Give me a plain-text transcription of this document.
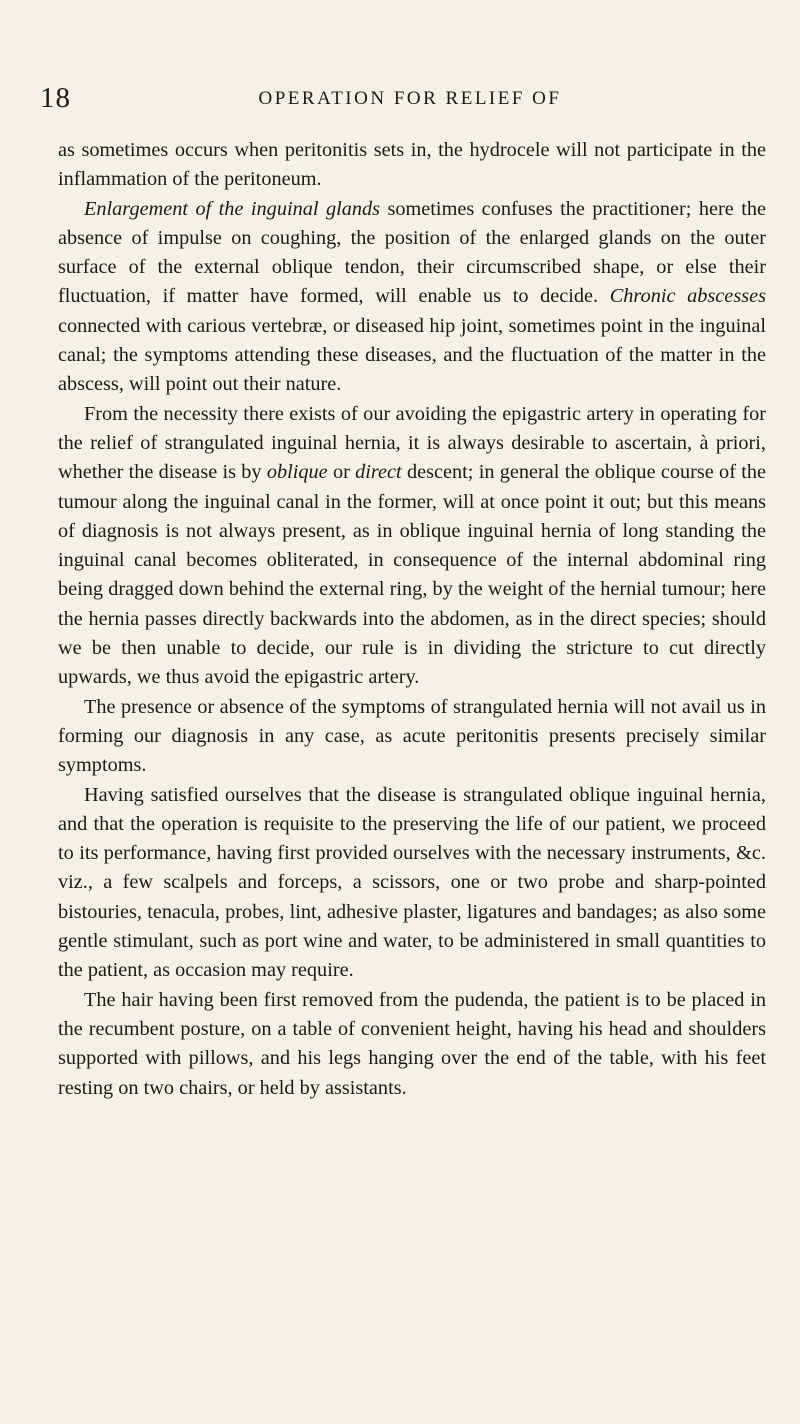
18	OPERATION FOR RELIEF OF

as sometimes occurs when peritonitis sets in, the hydrocele will not participate in the inflammation of the peritoneum.

Enlargement of the inguinal glands sometimes confuses the practitioner; here the absence of impulse on coughing, the position of the enlarged glands on the outer surface of the external oblique tendon, their circumscribed shape, or else their fluctuation, if matter have formed, will enable us to decide. Chronic abscesses connected with carious vertebræ, or diseased hip joint, sometimes point in the inguinal canal; the symptoms attending these diseases, and the fluctuation of the matter in the abscess, will point out their nature.

From the necessity there exists of our avoiding the epigastric artery in operating for the relief of strangulated inguinal hernia, it is always desirable to ascertain, à priori, whether the disease is by oblique or direct descent; in general the oblique course of the tumour along the inguinal canal in the former, will at once point it out; but this means of diagnosis is not always present, as in oblique inguinal hernia of long standing the inguinal canal becomes obliterated, in consequence of the internal abdominal ring being dragged down behind the external ring, by the weight of the hernial tumour; here the hernia passes directly backwards into the abdomen, as in the direct species; should we be then unable to decide, our rule is in dividing the stricture to cut directly upwards, we thus avoid the epigastric artery.

The presence or absence of the symptoms of strangulated hernia will not avail us in forming our diagnosis in any case, as acute peritonitis presents precisely similar symptoms.

Having satisfied ourselves that the disease is strangulated oblique inguinal hernia, and that the operation is requisite to the preserving the life of our patient, we proceed to its performance, having first provided ourselves with the necessary instruments, &c. viz., a few scalpels and forceps, a scissors, one or two probe and sharp-pointed bistouries, tenacula, probes, lint, adhesive plaster, ligatures and bandages; as also some gentle stimulant, such as port wine and water, to be administered in small quantities to the patient, as occasion may require.

The hair having been first removed from the pudenda, the patient is to be placed in the recumbent posture, on a table of convenient height, having his head and shoulders supported with pillows, and his legs hanging over the end of the table, with his feet resting on two chairs, or held by assistants.
